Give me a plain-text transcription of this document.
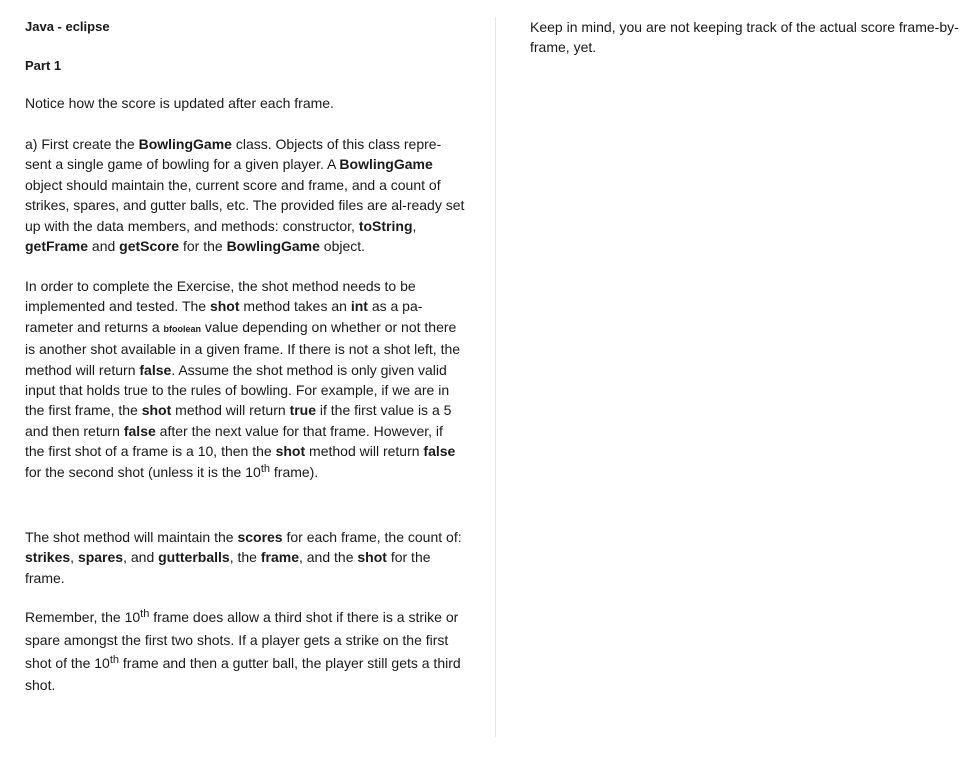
Java - eclipse
Part 1

Notice how the score is updated after each frame.

a) First create the BowlingGame class. Objects of this class repre-sent a single game of bowling for a given player. A BowlingGame object should maintain the, current score and frame, and a count of strikes, spares, and gutter balls, etc. The provided files are al-ready set up with the data members, and methods: constructor, toString, getFrame and getScore for the BowlingGame object.

In order to complete the Exercise, the shot method needs to be implemented and tested. The shot method takes an int as a pa-rameter and returns a bfoolean value depending on whether or not there is another shot available in a given frame. If there is not a shot left, the method will return false. Assume the shot method is only given valid input that holds true to the rules of bowling. For example, if we are in the first frame, the shot method will return true if the first value is a 5 and then return false after the next value for that frame. However, if the first shot of a frame is a 10, then the shot method will return false for the second shot (unless it is the 10th frame).

The shot method will maintain the scores for each frame, the count of: strikes, spares, and gutterballs, the frame, and the shot for the frame.

Remember, the 10th frame does allow a third shot if there is a strike or spare amongst the first two shots. If a player gets a strike on the first shot of the 10th frame and then a gutter ball, the player still gets a third shot.

Keep in mind, you are not keeping track of the actual score frame-by-frame, yet.
